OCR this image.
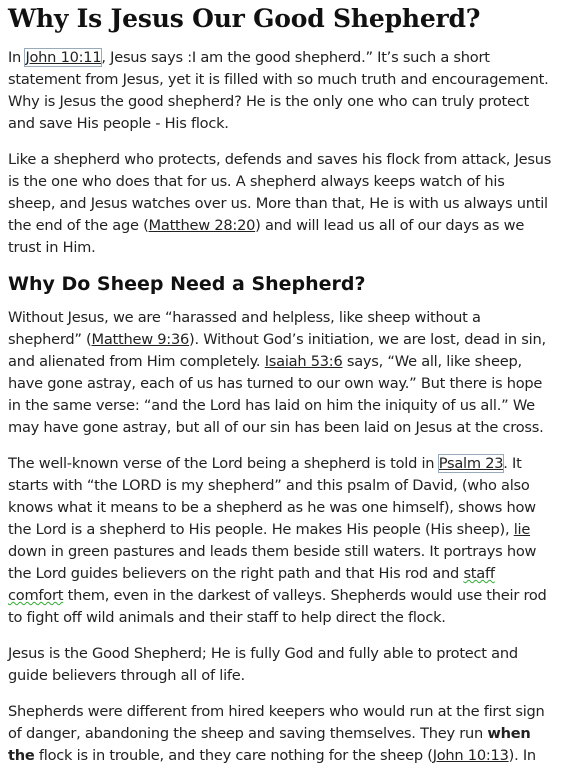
Why Is Jesus Our Good Shepherd?

In John 10:11, Jesus says :I am the good shepherd.” It’s such a short statement from Jesus, yet it is filled with so much truth and encouragement. Why is Jesus the good shepherd? He is the only one who can truly protect and save His people - His flock.

Like a shepherd who protects, defends and saves his flock from attack, Jesus is the one who does that for us. A shepherd always keeps watch of his sheep, and Jesus watches over us. More than that, He is with us always until the end of the age (Matthew 28:20) and will lead us all of our days as we trust in Him.

Why Do Sheep Need a Shepherd?

Without Jesus, we are “harassed and helpless, like sheep without a shepherd” (Matthew 9:36). Without God’s initiation, we are lost, dead in sin, and alienated from Him completely. Isaiah 53:6 says, “We all, like sheep, have gone astray, each of us has turned to our own way.” But there is hope in the same verse: “and the Lord has laid on him the iniquity of us all.” We may have gone astray, but all of our sin has been laid on Jesus at the cross.

The well-known verse of the Lord being a shepherd is told in Psalm 23. It starts with “the LORD is my shepherd” and this psalm of David, (who also knows what it means to be a shepherd as he was one himself), shows how the Lord is a shepherd to His people. He makes His people (His sheep), lie down in green pastures and leads them beside still waters. It portrays how the Lord guides believers on the right path and that His rod and staff comfort them, even in the darkest of valleys. Shepherds would use their rod to fight off wild animals and their staff to help direct the flock.

Jesus is the Good Shepherd; He is fully God and fully able to protect and guide believers through all of life.

Shepherds were different from hired keepers who would run at the first sign of danger, abandoning the sheep and saving themselves. They run when the flock is in trouble, and they care nothing for the sheep (John 10:13). In
